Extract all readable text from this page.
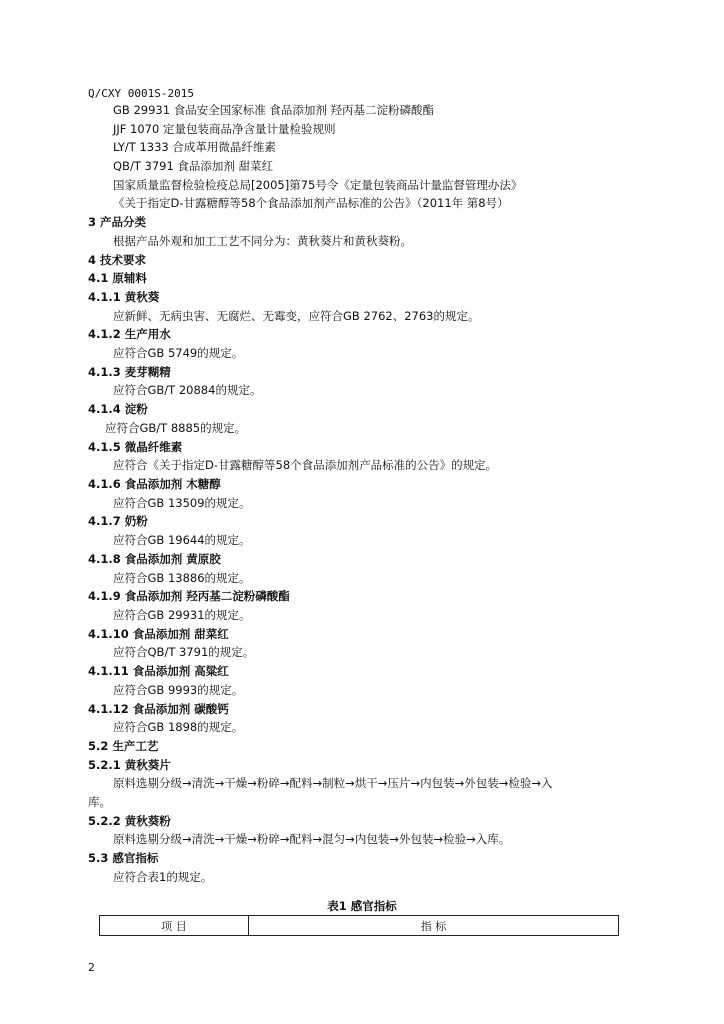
Q/CXY 0001S-2015
GB 29931 食品安全国家标准 食品添加剂 羟丙基二淀粉磷酸酯
JJF 1070 定量包装商品净含量计量检验规则
LY/T 1333 合成革用微晶纤维素
QB/T 3791 食品添加剂 甜菜红
国家质量监督检验检疫总局[2005]第75号令《定量包装商品计量监督管理办法》
《关于指定D-甘露糖醇等58个食品添加剂产品标准的公告》（2011年 第8号）
3 产品分类
根据产品外观和加工工艺不同分为：黄秋葵片和黄秋葵粉。
4 技术要求
4.1 原辅料
4.1.1 黄秋葵
应新鲜、无病虫害、无腐烂、无霉变，应符合GB 2762、2763的规定。
4.1.2 生产用水
应符合GB 5749的规定。
4.1.3 麦芽糊精
应符合GB/T 20884的规定。
4.1.4 淀粉
应符合GB/T 8885的规定。
4.1.5 微晶纤维素
应符合《关于指定D-甘露糖醇等58个食品添加剂产品标准的公告》的规定。
4.1.6 食品添加剂 木糖醇
应符合GB 13509的规定。
4.1.7 奶粉
应符合GB 19644的规定。
4.1.8 食品添加剂 黄原胶
应符合GB 13886的规定。
4.1.9 食品添加剂 羟丙基二淀粉磷酸酯
应符合GB 29931的规定。
4.1.10 食品添加剂 甜菜红
应符合QB/T 3791的规定。
4.1.11 食品添加剂 高粱红
应符合GB 9993的规定。
4.1.12 食品添加剂 碳酸钙
应符合GB 1898的规定。
5.2 生产工艺
5.2.1 黄秋葵片
原料选剔分级→清洗→干燥→粉碎→配料→制粒→烘干→压片→内包装→外包装→检验→入
库。
5.2.2 黄秋葵粉
原料选剔分级→清洗→干燥→粉碎→配料→混匀→内包装→外包装→检验→入库。
5.3 感官指标
应符合表1的规定。
表1 感官指标
项 目	指 标
2
